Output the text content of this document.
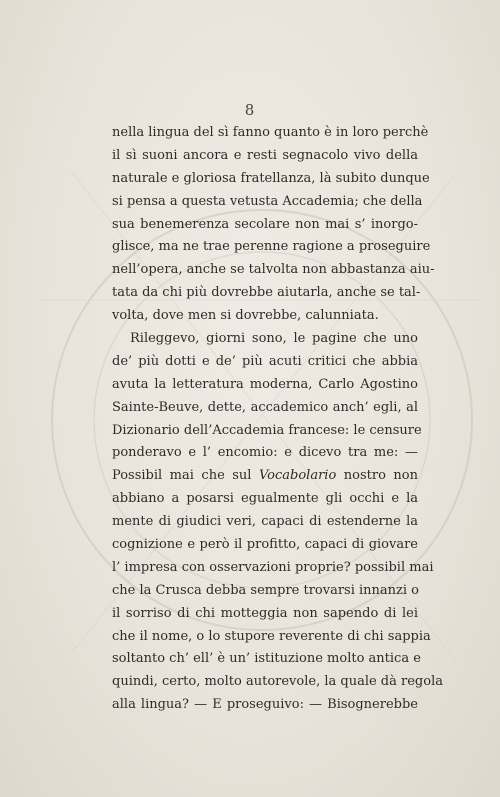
8
nella lingua del sì fanno quanto è in loro perchè
il sì suoni ancora e resti segnacolo vivo della
naturale e gloriosa fratellanza, là subito dunque
si pensa a questa vetusta Accademia; che della
sua benemerenza secolare non mai s’ inorgo-
glisce, ma ne trae perenne ragione a proseguire
nell’opera, anche se talvolta non abbastanza aiu-
tata da chi più dovrebbe aiutarla, anche se tal-
volta, dove men si dovrebbe, calunniata.
Rileggevo, giorni sono, le pagine che uno
de’ più dotti e de’ più acuti critici che abbia
avuta la letteratura moderna, Carlo Agostino
Sainte-Beuve, dette, accademico anch’ egli, al
Dizionario dell’Accademia francese: le censure
ponderavo e l’ encomio: e dicevo tra me: —
Possibil mai che sul Vocabolario nostro non
abbiano a posarsi egualmente gli occhi e la
mente di giudici veri, capaci di estenderne la
cognizione e però il profitto, capaci di giovare
l’ impresa con osservazioni proprie? possibil mai
che la Crusca debba sempre trovarsi innanzi o
il sorriso di chi motteggia non sapendo di lei
che il nome, o lo stupore reverente di chi sappia
soltanto ch’ ell’ è un’ istituzione molto antica e
quindi, certo, molto autorevole, la quale dà regola
alla lingua? — E proseguivo: — Bisognerebbe
